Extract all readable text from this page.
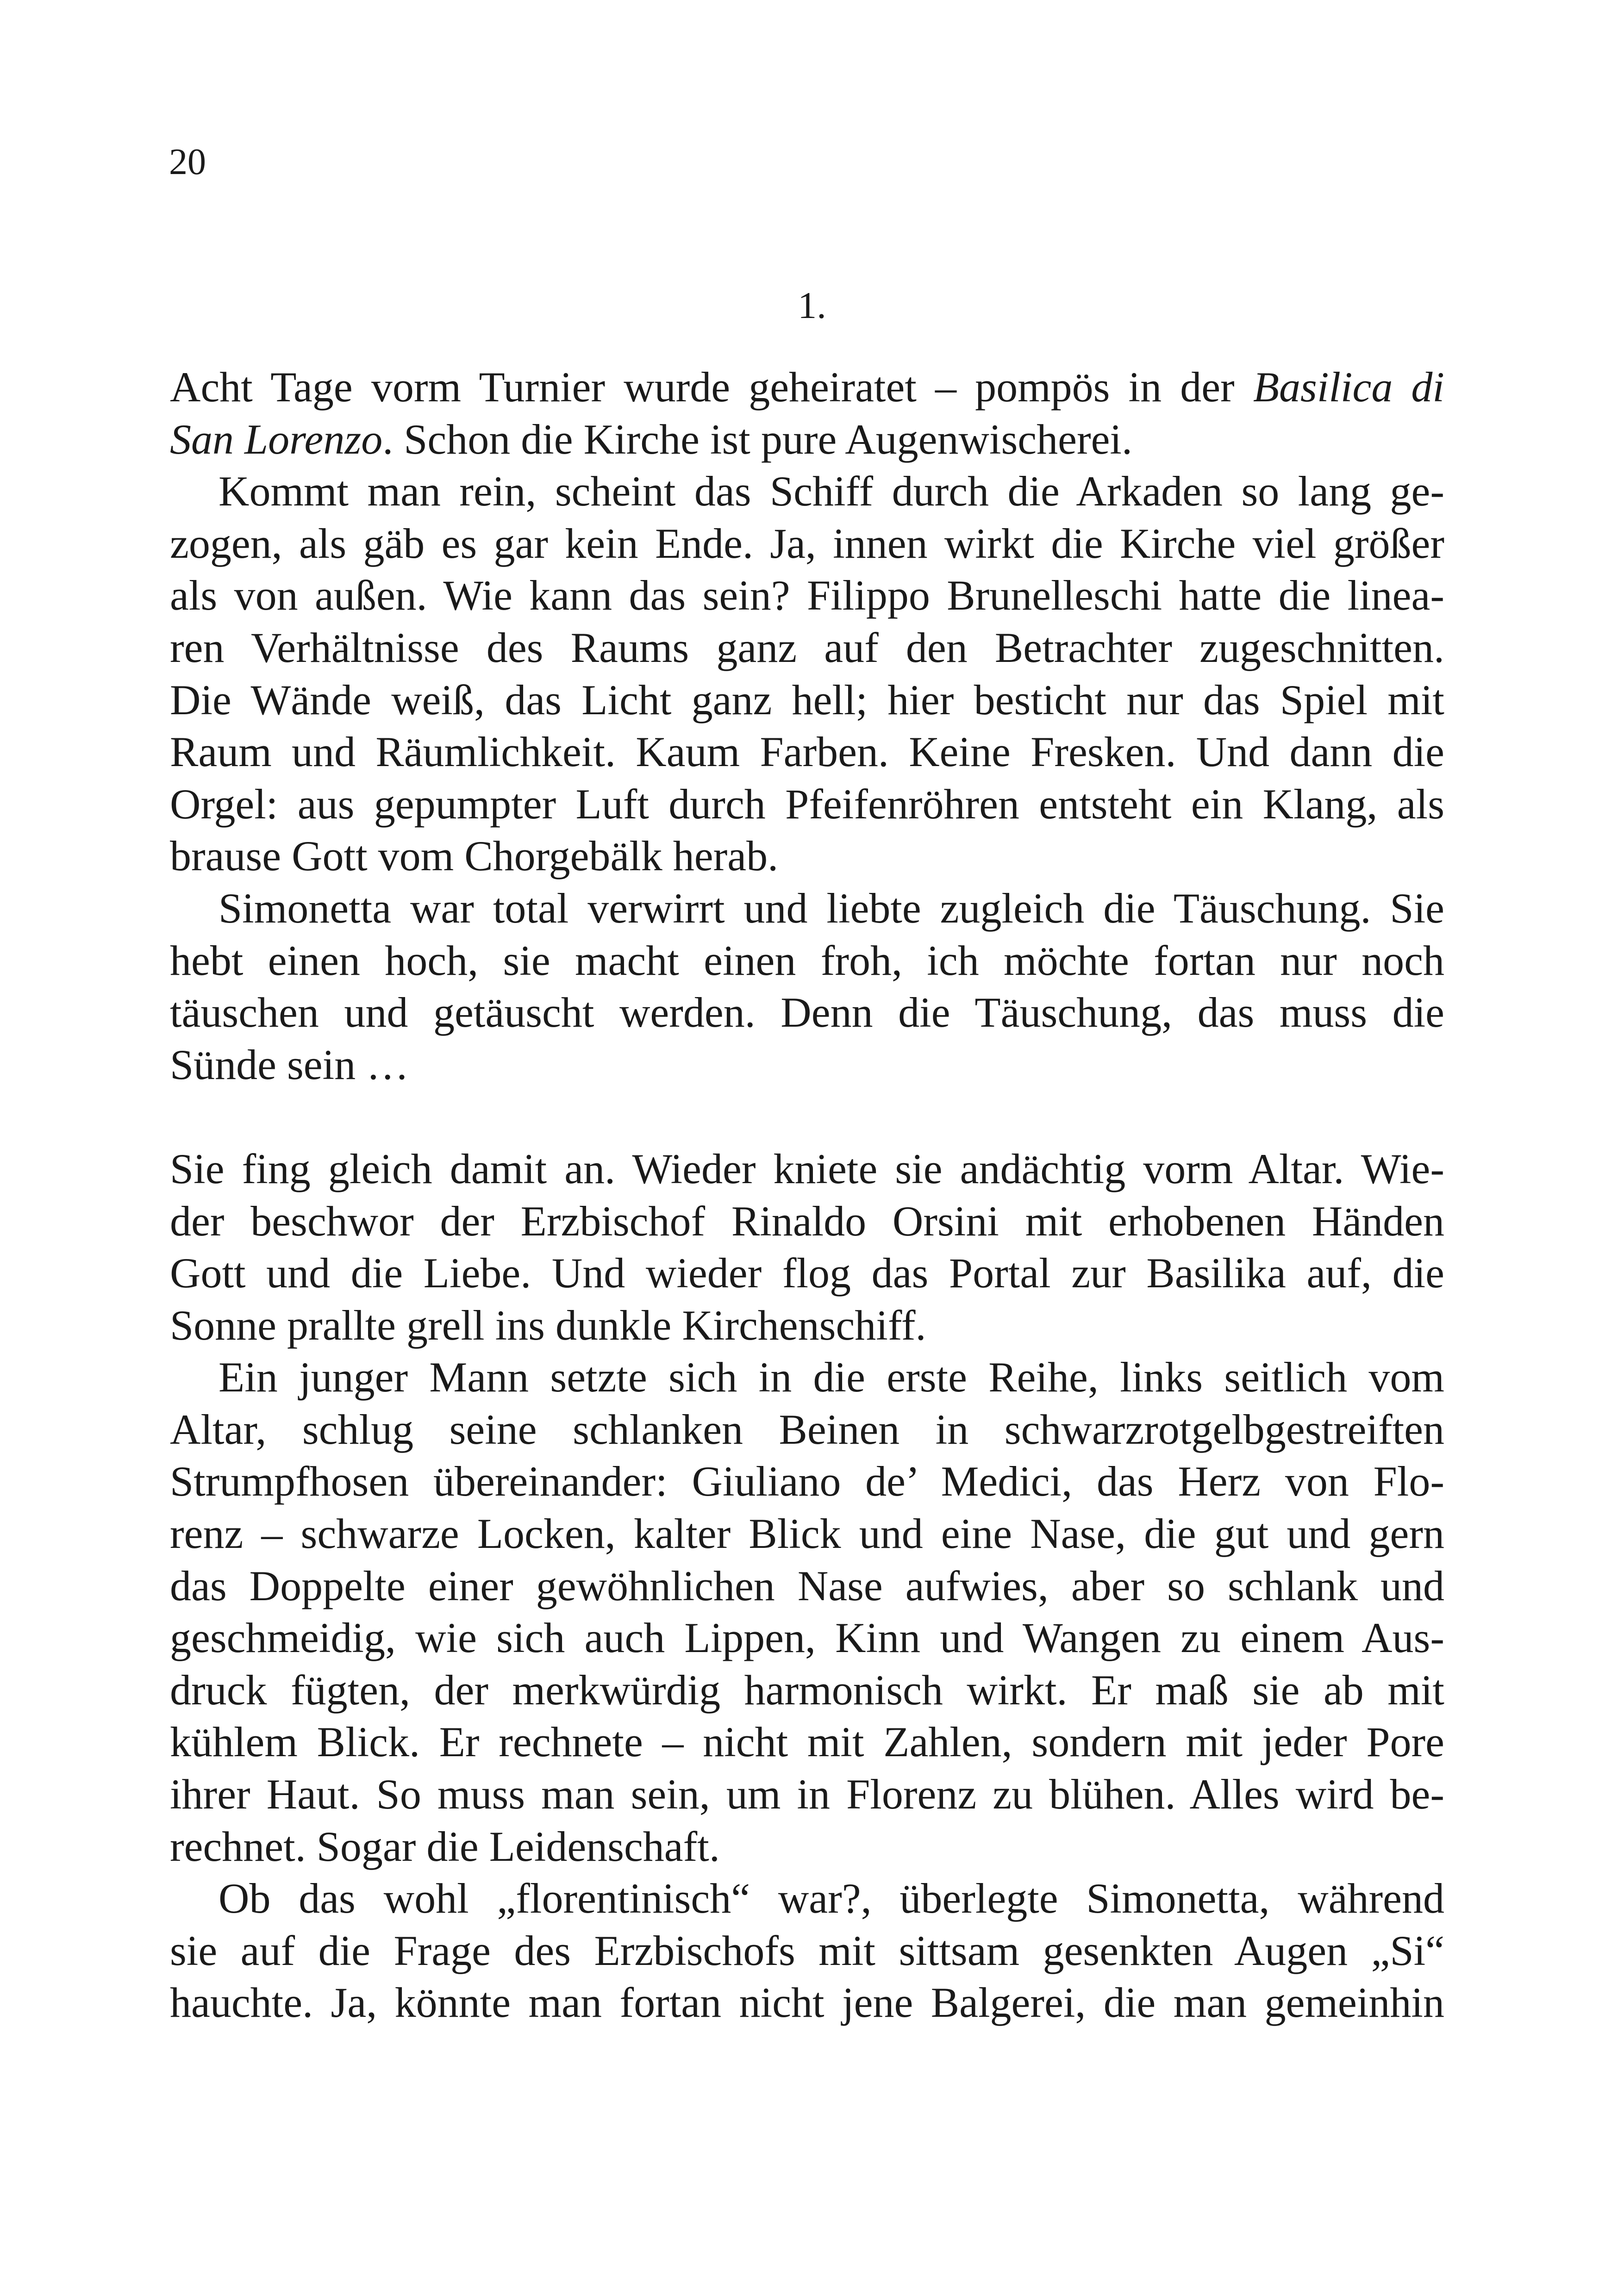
20
1.
Acht Tage vorm Turnier wurde geheiratet – pompös in der Basilica di
San Lorenzo. Schon die Kirche ist pure Augenwischerei.
Kommt man rein, scheint das Schiff durch die Arkaden so lang ge-
zogen, als gäb es gar kein Ende. Ja, innen wirkt die Kirche viel größer
als von außen. Wie kann das sein? Filippo Brunelleschi hatte die linea-
ren Verhältnisse des Raums ganz auf den Betrachter zugeschnitten.
Die Wände weiß, das Licht ganz hell; hier besticht nur das Spiel mit
Raum und Räumlichkeit. Kaum Farben. Keine Fresken. Und dann die
Orgel: aus gepumpter Luft durch Pfeifenröhren entsteht ein Klang, als
brause Gott vom Chorgebälk herab.
Simonetta war total verwirrt und liebte zugleich die Täuschung. Sie
hebt einen hoch, sie macht einen froh, ich möchte fortan nur noch
täuschen und getäuscht werden. Denn die Täuschung, das muss die
Sünde sein …
Sie fing gleich damit an. Wieder kniete sie andächtig vorm Altar. Wie-
der beschwor der Erzbischof Rinaldo Orsini mit erhobenen Händen
Gott und die Liebe. Und wieder flog das Portal zur Basilika auf, die
Sonne prallte grell ins dunkle Kirchenschiff.
Ein junger Mann setzte sich in die erste Reihe, links seitlich vom
Altar, schlug seine schlanken Beinen in schwarzrotgelbgestreiften
Strumpfhosen übereinander: Giuliano de’ Medici, das Herz von Flo-
renz – schwarze Locken, kalter Blick und eine Nase, die gut und gern
das Doppelte einer gewöhnlichen Nase aufwies, aber so schlank und
geschmeidig, wie sich auch Lippen, Kinn und Wangen zu einem Aus-
druck fügten, der merkwürdig harmonisch wirkt. Er maß sie ab mit
kühlem Blick. Er rechnete – nicht mit Zahlen, sondern mit jeder Pore
ihrer Haut. So muss man sein, um in Florenz zu blühen. Alles wird be-
rechnet. Sogar die Leidenschaft.
Ob das wohl „florentinisch“ war?, überlegte Simonetta, während
sie auf die Frage des Erzbischofs mit sittsam gesenkten Augen „Si“
hauchte. Ja, könnte man fortan nicht jene Balgerei, die man gemeinhin
